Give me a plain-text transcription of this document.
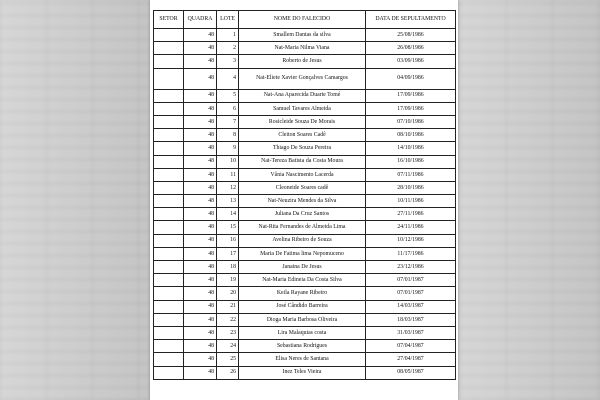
SETOR	QUADRA	LOTE	NOME DO FALECIDO	DATA DE SEPULTAMENTO
	48	1	Smallem Dantas da silva	25/08/1986
	48	2	Nat-Maria Nilma Viana	26/08/1986
	48	3	Roberto de Jesus	03/09/1986
	48	4	Nat-Eliete Xavier Gonçalves Camargos	04/09/1986
	48	5	Nat-Ana Aparecida Duarte Tomé	17/09/1986
	48	6	Samuel Tavares Almeida	17/09/1986
	48	7	Rosicleide Souza De Morais	07/10/1986
	48	8	Cleiton Soares Cadê	08/10/1986
	48	9	Thiago De Souza Pereira	14/10/1986
	48	10	Nat-Tereza Batista da Costa Moura	16/10/1986
	48	11	Vânia Nascimento Lacerda	07/11/1986
	48	12	Cleoneide Soares cadê	28/10/1986
	48	13	Nat-Neuzira Mendes da Silva	10/11/1986
	48	14	Juliana Da Cruz Santos	27/11/1986
	48	15	Nat-Rita Fernandes de Almeida Lima	24/11/1986
	48	16	Avelina Ribeiro de Souza	10/12/1986
	48	17	Maria De Fatima lima Nepomuceno	11/17/1986
	48	18	Janaina De Jesus	23/12/1986
	48	19	Nat-Maria Edineia Da Costa Silva	07/01/1987
	48	20	Keila Rayane Ribeiro	07/01/1987
	48	21	José Cândido Barreira	14/03/1987
	48	22	Dioga Maria Barbosa Oliveira	18/03/1987
	48	23	Lira Malaquias costa	31/03/1987
	48	24	Sebastiana Rodrigues	07/04/1987
	48	25	Elisa Neres de Santana	27/04/1987
	48	26	Inez Teles Vieira	08/05/1987
